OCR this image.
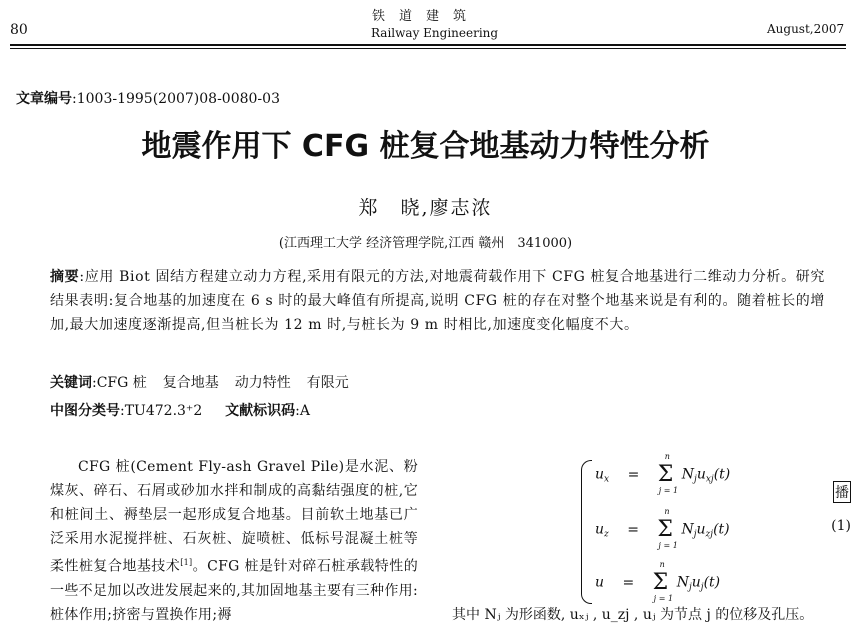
80
铁道建筑
Railway Engineering	August,2007
文章编号:1003-1995(2007)08-0080-03
地震作用下 CFG 桩复合地基动力特性分析
郑　晓,廖志浓
(江西理工大学 经济管理学院,江西 赣州　341000)
摘要:应用 Biot 固结方程建立动力方程,采用有限元的方法,对地震荷载作用下 CFG 桩复合地基进行二维动力分析。研究结果表明:复合地基的加速度在 6 s 时的最大峰值有所提高,说明 CFG 桩的存在对整个地基来说是有利的。随着桩长的增加,最大加速度逐渐提高,但当桩长为 12 m 时,与桩长为 9 m 时相比,加速度变化幅度不大。
关键词:CFG 桩 复合地基 动力特性 有限元
中图分类号:TU472.3⁺2 文献标识码:A
CFG 桩(Cement Fly-ash Gravel Pile)是水泥、粉煤灰、碎石、石屑或砂加水拌和制成的高黏结强度的桩,它和桩间土、褥垫层一起形成复合地基。目前软土地基已广泛采用水泥搅拌桩、石灰桩、旋喷桩、低标号混凝土桩等柔性桩复合地基技术[1]。CFG 桩是针对碎石桩承载特性的一些不足加以改进发展起来的,其加固地基主要有三种作用:桩体作用;挤密与置换作用;褥
$u_x = \Sigma$
n
j = 1
$N_ju_{xj}(t)$
$u_z = \Sigma$
n
j = 1
$N_ju_{zj}(t)$
u = Σ
n
j = 1
$N_ju_j(t)$
播
(1)
其中 Nⱼ 为形函数, uₓⱼ , u_zj , uⱼ 为节点 j 的位移及孔压。
